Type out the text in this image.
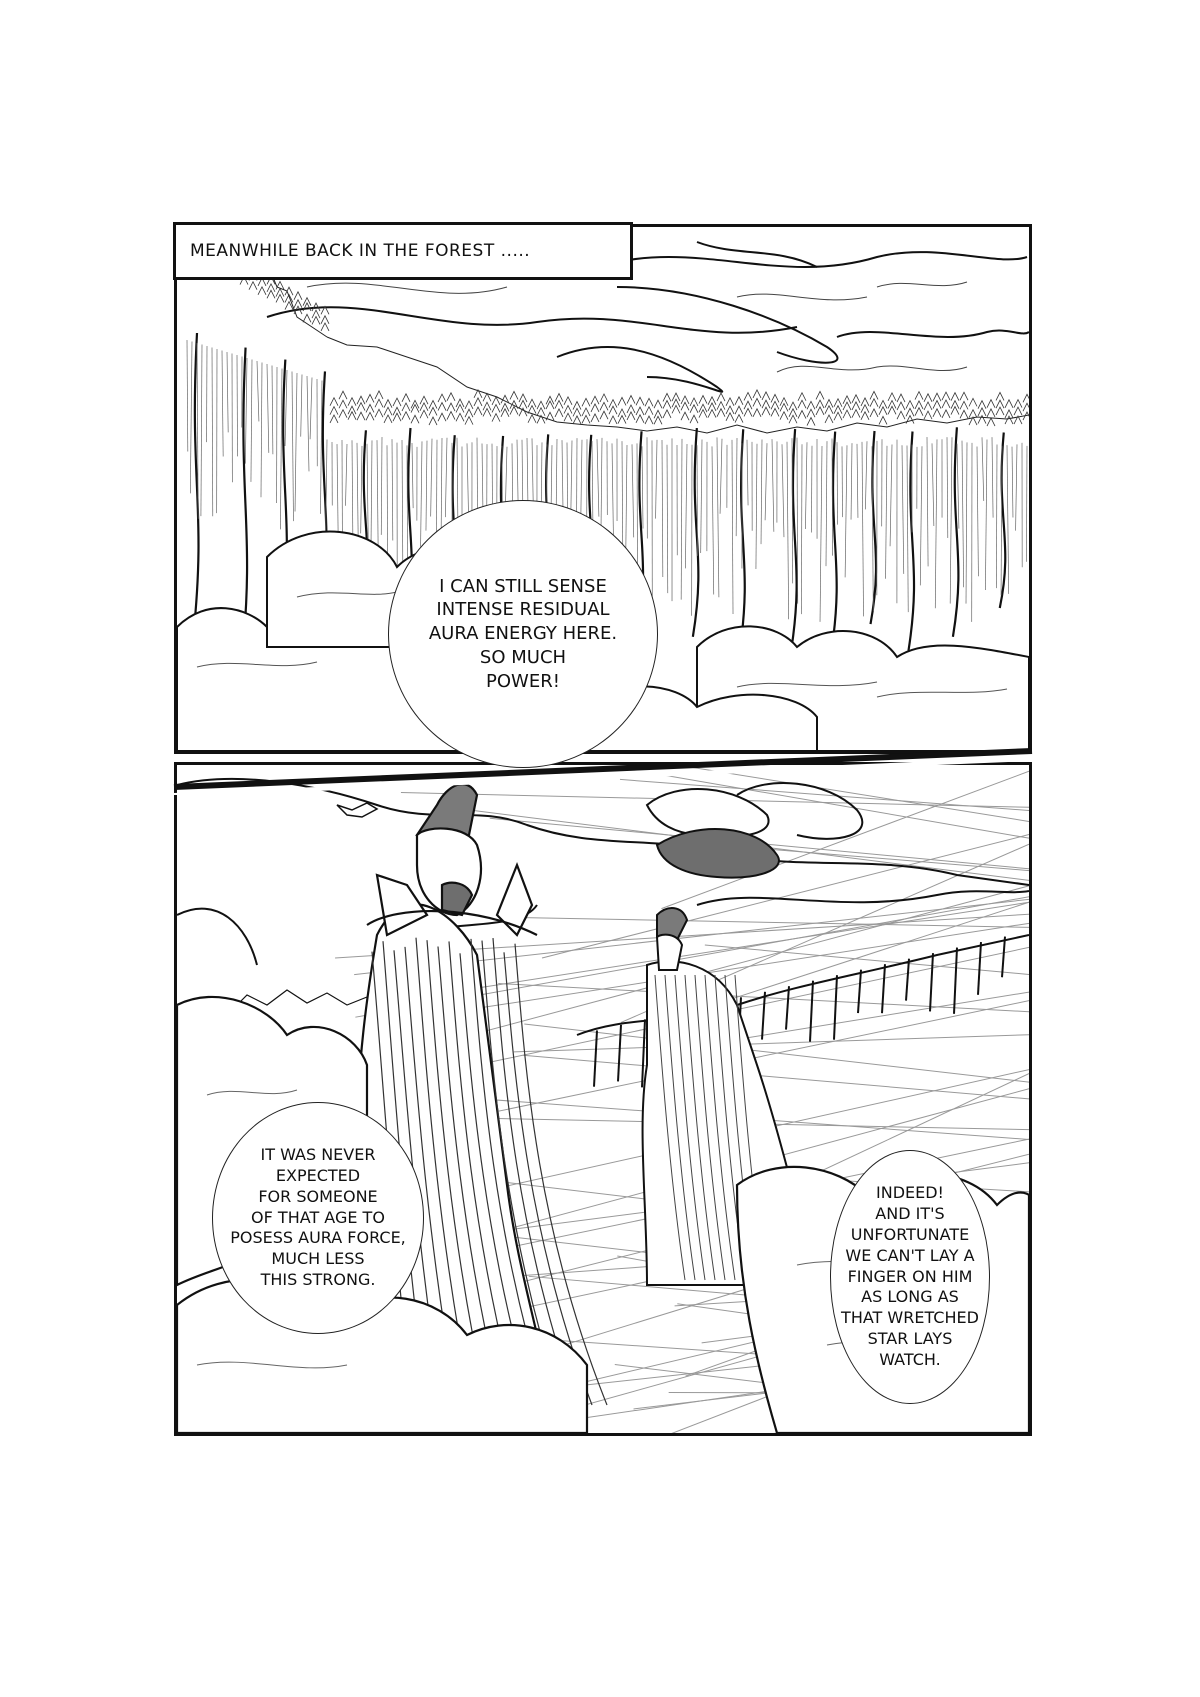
MEANWHILE BACK IN THE FOREST .....
I CAN STILL SENSE
INTENSE RESIDUAL
AURA ENERGY HERE.
SO MUCH
POWER!
IT WAS NEVER
EXPECTED
FOR SOMEONE
OF THAT AGE TO
POSESS AURA FORCE,
MUCH LESS
THIS STRONG.
INDEED!
AND IT'S
UNFORTUNATE
WE CAN'T LAY A
FINGER ON HIM
AS LONG AS
THAT WRETCHED
STAR LAYS
WATCH.
